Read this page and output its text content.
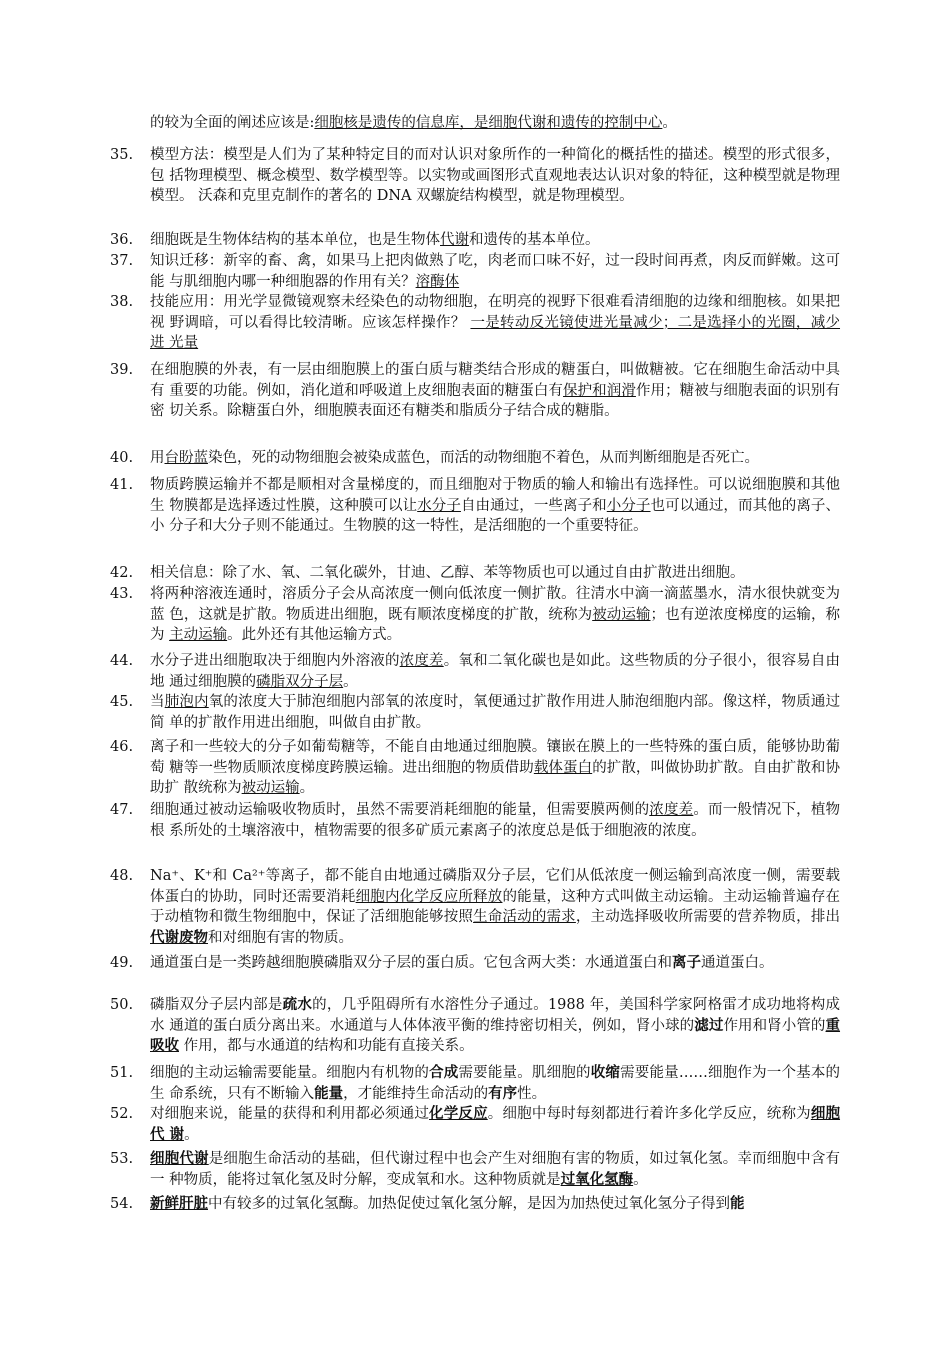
的较为全面的阐述应该是:细胞核是遗传的信息库，是细胞代谢和遗传的控制中心。
35.	模型方法：模型是人们为了某种特定目的而对认识对象所作的一种简化的概括性的描述。模型的形式很多，包 括物理模型、概念模型、数学模型等。以实物或画图形式直观地表达认识对象的特征，这种模型就是物理模型。 沃森和克里克制作的著名的 DNA 双螺旋结构模型，就是物理模型。
36.	细胞既是生物体结构的基本单位，也是生物体代谢和遗传的基本单位。
37.	知识迁移：新宰的畜、禽，如果马上把肉做熟了吃，肉老而口味不好，过一段时间再煮，肉反而鲜嫩。这可能 与肌细胞内哪一种细胞器的作用有关？溶酶体
38.	技能应用：用光学显微镜观察未经染色的动物细胞，在明亮的视野下很难看清细胞的边缘和细胞核。如果把视 野调暗，可以看得比较清晰。应该怎样操作？ 一是转动反光镜使进光量减少；二是选择小的光圈，减少进 光量
39.	在细胞膜的外表，有一层由细胞膜上的蛋白质与糖类结合形成的糖蛋白，叫做糖被。它在细胞生命活动中具有 重要的功能。例如，消化道和呼吸道上皮细胞表面的糖蛋白有保护和润滑作用；糖被与细胞表面的识别有密 切关系。除糖蛋白外，细胞膜表面还有糖类和脂质分子结合成的糖脂。
40.	用台盼蓝染色，死的动物细胞会被染成蓝色，而活的动物细胞不着色，从而判断细胞是否死亡。
41.	物质跨膜运输并不都是顺相对含量梯度的，而且细胞对于物质的输人和输出有选择性。可以说细胞膜和其他生 物膜都是选择透过性膜，这种膜可以让水分子自由通过，一些离子和小分子也可以通过，而其他的离子、小 分子和大分子则不能通过。生物膜的这一特性，是活细胞的一个重要特征。
42.	相关信息：除了水、氧、二氧化碳外，甘迪、乙醇、苯等物质也可以通过自由扩散进出细胞。
43.	将两种溶液连通时，溶质分子会从高浓度一侧向低浓度一侧扩散。往清水中滴一滴蓝墨水，清水很快就变为蓝 色，这就是扩散。物质进出细胞，既有顺浓度梯度的扩散，统称为被动运输；也有逆浓度梯度的运输，称为 主动运输。此外还有其他运输方式。
44.	水分子进出细胞取决于细胞内外溶液的浓度差。氧和二氧化碳也是如此。这些物质的分子很小，很容易自由地 通过细胞膜的磷脂双分子层。
45.	当肺泡内氧的浓度大于肺泡细胞内部氧的浓度时，氧便通过扩散作用进人肺泡细胞内部。像这样，物质通过简 单的扩散作用进出细胞，叫做自由扩散。
46.	离子和一些较大的分子如葡萄糖等，不能自由地通过细胞膜。镶嵌在膜上的一些特殊的蛋白质，能够协助葡萄 糖等一些物质顺浓度梯度跨膜运输。进出细胞的物质借助载体蛋白的扩散，叫做协助扩散。自由扩散和协助扩 散统称为被动运输。
47.	细胞通过被动运输吸收物质时，虽然不需要消耗细胞的能量，但需要膜两侧的浓度差。而一般情况下，植物根 系所处的土壤溶液中，植物需要的很多矿质元素离子的浓度总是低于细胞液的浓度。
48.	Na⁺、K⁺和 Ca²⁺等离子，都不能自由地通过磷脂双分子层，它们从低浓度一侧运输到高浓度一侧，需要载 体蛋白的协助，同时还需要消耗细胞内化学反应所释放的能量，这种方式叫做主动运输。主动运输普遍存在 于动植物和微生物细胞中，保证了活细胞能够按照生命活动的需求，主动选择吸收所需要的营养物质，排出代谢废物和对细胞有害的物质。
49.	通道蛋白是一类跨越细胞膜磷脂双分子层的蛋白质。它包含两大类：水通道蛋白和离子通道蛋白。
50.	磷脂双分子层内部是疏水的，几乎阻碍所有水溶性分子通过。1988 年，美国科学家阿格雷才成功地将构成水 通道的蛋白质分离出来。水通道与人体体液平衡的维持密切相关，例如，肾小球的滤过作用和肾小管的重吸收 作用，都与水通道的结构和功能有直接关系。
51.	细胞的主动运输需要能量。细胞内有机物的合成需要能量。肌细胞的收缩需要能量……细胞作为一个基本的生 命系统，只有不断输入能量，才能维持生命活动的有序性。
52.	对细胞来说，能量的获得和利用都必须通过化学反应。细胞中每时每刻都进行着许多化学反应，统称为细胞代 谢。
53.	细胞代谢是细胞生命活动的基础，但代谢过程中也会产生对细胞有害的物质，如过氧化氢。幸而细胞中含有一 种物质，能将过氧化氢及时分解，变成氧和水。这种物质就是过氧化氢酶。
54.	新鲜肝脏中有较多的过氧化氢酶。加热促使过氧化氢分解，是因为加热使过氧化氢分子得到能
